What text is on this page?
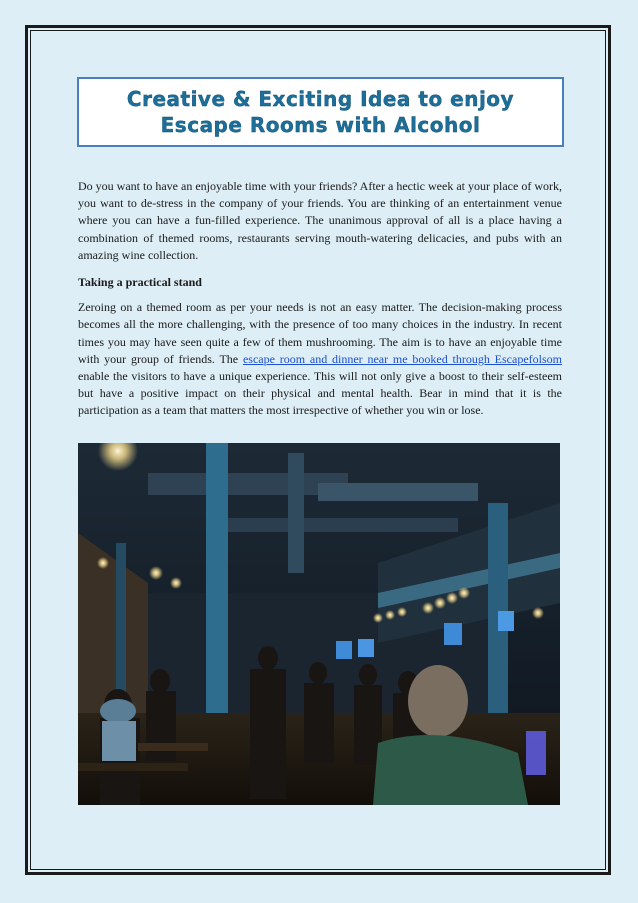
Creative & Exciting Idea to enjoy
Escape Rooms with Alcohol

Do you want to have an enjoyable time with your friends? After a hectic week at your place of work, you want to de-stress in the company of your friends. You are thinking of an entertainment venue where you can have a fun-filled experience. The unanimous approval of all is a place having a combination of themed rooms, restaurants serving mouth-watering delicacies, and pubs with an amazing wine collection.

Taking a practical stand

Zeroing on a themed room as per your needs is not an easy matter. The decision-making process becomes all the more challenging, with the presence of too many choices in the industry. In recent times you may have seen quite a few of them mushrooming. The aim is to have an enjoyable time with your group of friends. The escape room and dinner near me booked through Escapefolsom enable the visitors to have a unique experience. This will not only give a boost to their self-esteem but have a positive impact on their physical and mental health. Bear in mind that it is the participation as a team that matters the most irrespective of whether you win or lose.
